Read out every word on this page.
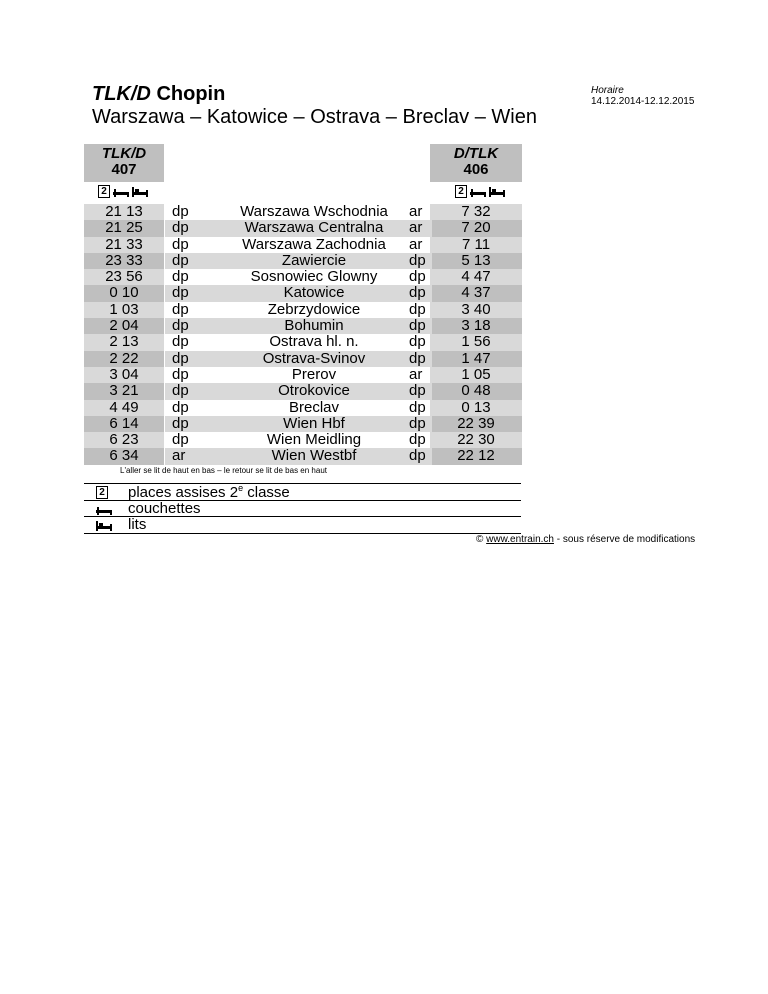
TLK/D Chopin
Warszawa – Katowice – Ostrava – Breclav – Wien
Horaire
14.12.2014-12.12.2015
TLK/D
407
D/TLK
406
2	2
21 13	dp	Warszawa Wschodnia	ar	7 32
21 25	dp	Warszawa Centralna	ar	7 20
21 33	dp	Warszawa Zachodnia	ar	7 11
23 33	dp	Zawiercie	dp	5 13
23 56	dp	Sosnowiec Glowny	dp	4 47
0 10	dp	Katowice	dp	4 37
1 03	dp	Zebrzydowice	dp	3 40
2 04	dp	Bohumin	dp	3 18
2 13	dp	Ostrava hl. n.	dp	1 56
2 22	dp	Ostrava-Svinov	dp	1 47
3 04	dp	Prerov	ar	1 05
3 21	dp	Otrokovice	dp	0 48
4 49	dp	Breclav	dp	0 13
6 14	dp	Wien Hbf	dp	22 39
6 23	dp	Wien Meidling	dp	22 30
6 34	ar	Wien Westbf	dp	22 12
L'aller se lit de haut en bas – le retour se lit de bas en haut
2 places assises 2e classe
couchettes
lits
© www.entrain.ch - sous réserve de modifications
